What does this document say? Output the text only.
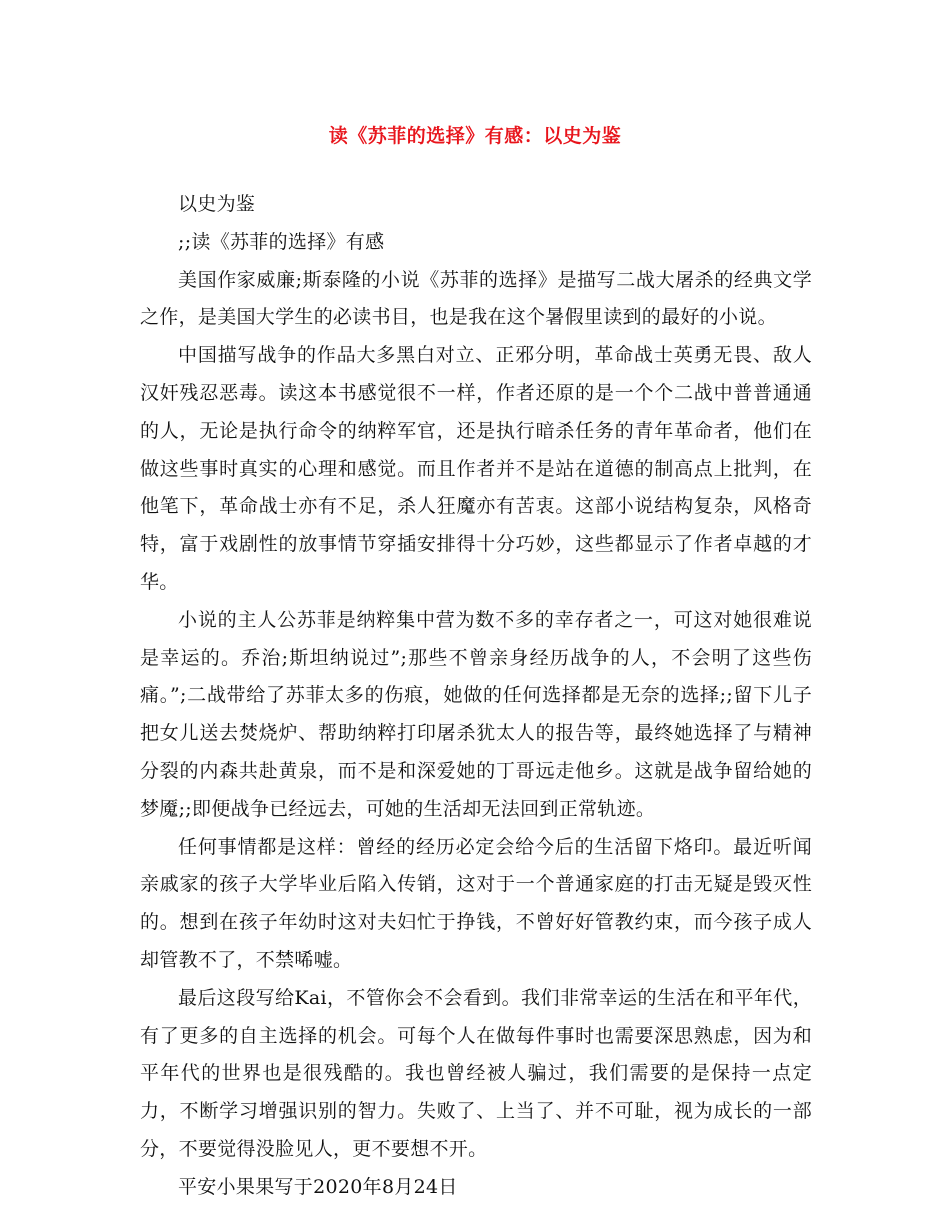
读《苏菲的选择》有感：以史为鉴

以史为鉴

;;读《苏菲的选择》有感

美国作家威廉;斯泰隆的小说《苏菲的选择》是描写二战大屠杀的经典文学之作，是美国大学生的必读书目，也是我在这个暑假里读到的最好的小说。

中国描写战争的作品大多黑白对立、正邪分明，革命战士英勇无畏、敌人汉奸残忍恶毒。读这本书感觉很不一样，作者还原的是一个个二战中普普通通的人，无论是执行命令的纳粹军官，还是执行暗杀任务的青年革命者，他们在做这些事时真实的心理和感觉。而且作者并不是站在道德的制高点上批判，在他笔下，革命战士亦有不足，杀人狂魔亦有苦衷。这部小说结构复杂，风格奇特，富于戏剧性的放事情节穿插安排得十分巧妙，这些都显示了作者卓越的才华。

小说的主人公苏菲是纳粹集中营为数不多的幸存者之一，可这对她很难说是幸运的。乔治;斯坦纳说过”;那些不曾亲身经历战争的人，不会明了这些伤痛。”;二战带给了苏菲太多的伤痕，她做的任何选择都是无奈的选择;;留下儿子把女儿送去焚烧炉、帮助纳粹打印屠杀犹太人的报告等，最终她选择了与精神分裂的内森共赴黄泉，而不是和深爱她的丁哥远走他乡。这就是战争留给她的梦魇;;即便战争已经远去，可她的生活却无法回到正常轨迹。

任何事情都是这样：曾经的经历必定会给今后的生活留下烙印。最近听闻亲戚家的孩子大学毕业后陷入传销，这对于一个普通家庭的打击无疑是毁灭性的。想到在孩子年幼时这对夫妇忙于挣钱，不曾好好管教约束，而今孩子成人却管教不了，不禁唏嘘。

最后这段写给Kai，不管你会不会看到。我们非常幸运的生活在和平年代，有了更多的自主选择的机会。可每个人在做每件事时也需要深思熟虑，因为和平年代的世界也是很残酷的。我也曾经被人骗过，我们需要的是保持一点定力，不断学习增强识别的智力。失败了、上当了、并不可耻，视为成长的一部分，不要觉得没脸见人，更不要想不开。

平安小果果写于2020年8月24日
